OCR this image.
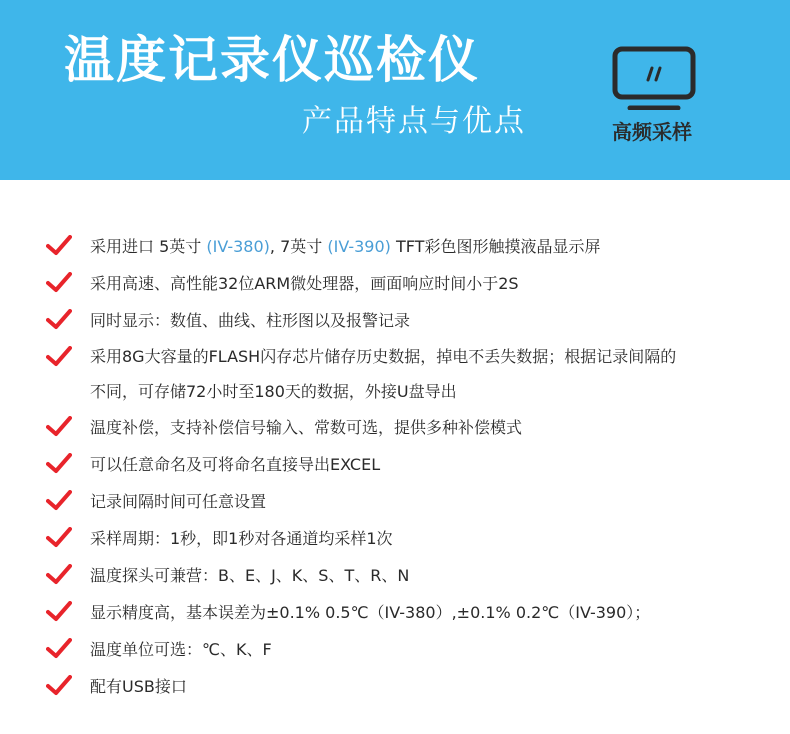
温度记录仪巡检仪
产品特点与优点	高频采样
采用进口 5英寸 (IV-380), 7英寸 (IV-390) TFT彩色图形触摸液晶显示屏
采用高速、高性能32位ARM微处理器，画面响应时间小于2S
同时显示：数值、曲线、柱形图以及报警记录
采用8G大容量的FLASH闪存芯片储存历史数据，掉电不丢失数据；根据记录间隔的
不同，可存储72小时至180天的数据，外接U盘导出
温度补偿，支持补偿信号输入、常数可选，提供多种补偿模式
可以任意命名及可将命名直接导出EXCEL
记录间隔时间可任意设置
采样周期：1秒，即1秒对各通道均采样1次
温度探头可兼营：B、E、J、K、S、T、R、N
显示精度高，基本误差为±0.1% 0.5℃（IV-380）,±0.1% 0.2℃（IV-390）；
温度单位可选：℃、K、F
配有USB接口
